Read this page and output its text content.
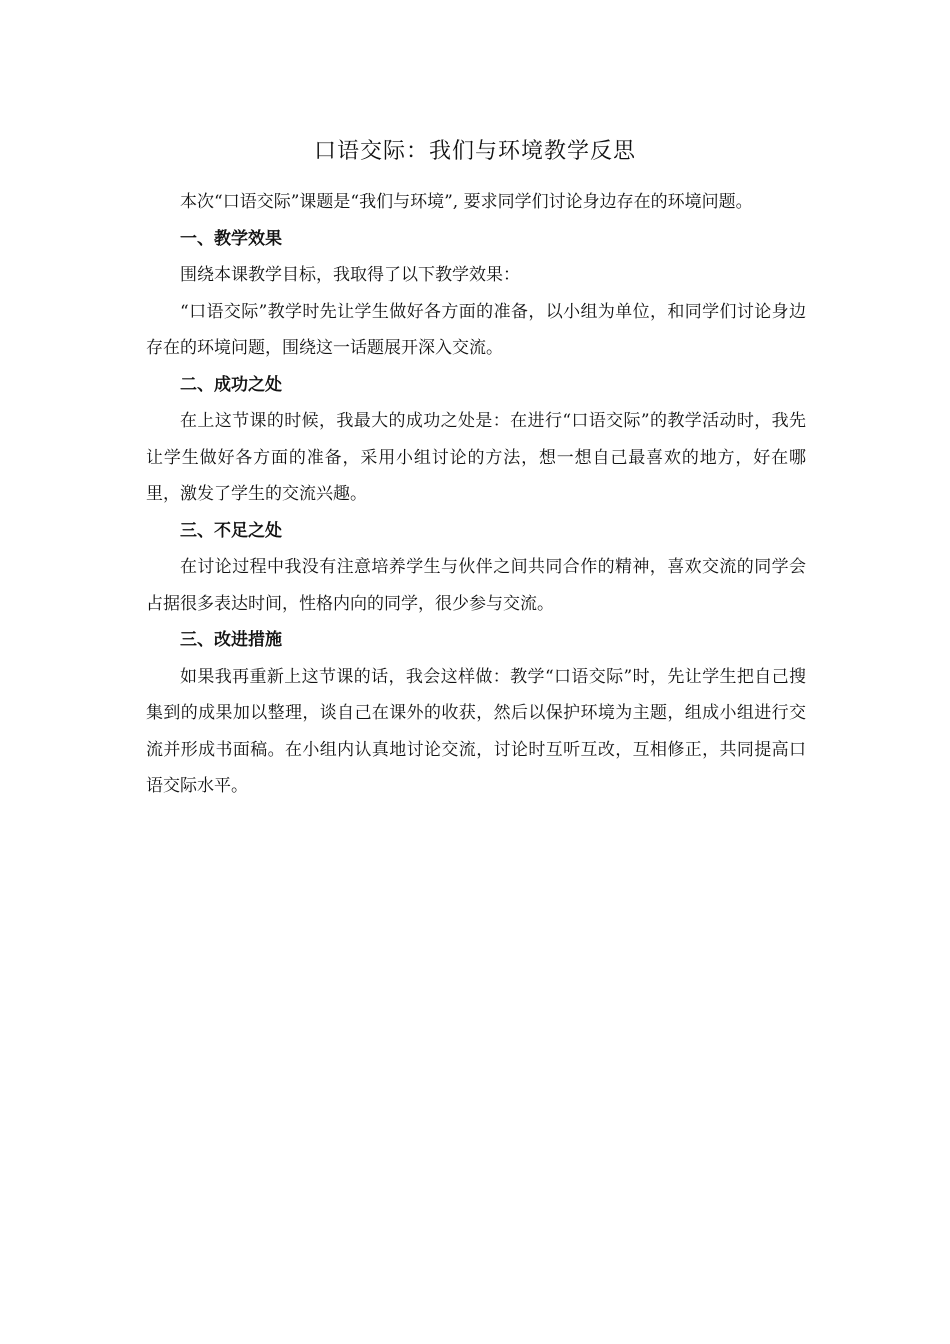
口语交际：我们与环境教学反思

本次“口语交际”课题是“我们与环境”, 要求同学们讨论身边存在的环境问题。

一、教学效果

围绕本课教学目标，我取得了以下教学效果：

“口语交际”教学时先让学生做好各方面的准备，以小组为单位，和同学们讨论身边存在的环境问题，围绕这一话题展开深入交流。

二、成功之处

在上这节课的时候，我最大的成功之处是：在进行“口语交际”的教学活动时，我先让学生做好各方面的准备，采用小组讨论的方法，想一想自己最喜欢的地方，好在哪里，激发了学生的交流兴趣。

三、不足之处

在讨论过程中我没有注意培养学生与伙伴之间共同合作的精神，喜欢交流的同学会占据很多表达时间，性格内向的同学，很少参与交流。

三、改进措施

如果我再重新上这节课的话，我会这样做：教学“口语交际”时，先让学生把自己搜集到的成果加以整理，谈自己在课外的收获，然后以保护环境为主题，组成小组进行交流并形成书面稿。在小组内认真地讨论交流，讨论时互听互改，互相修正，共同提高口语交际水平。
